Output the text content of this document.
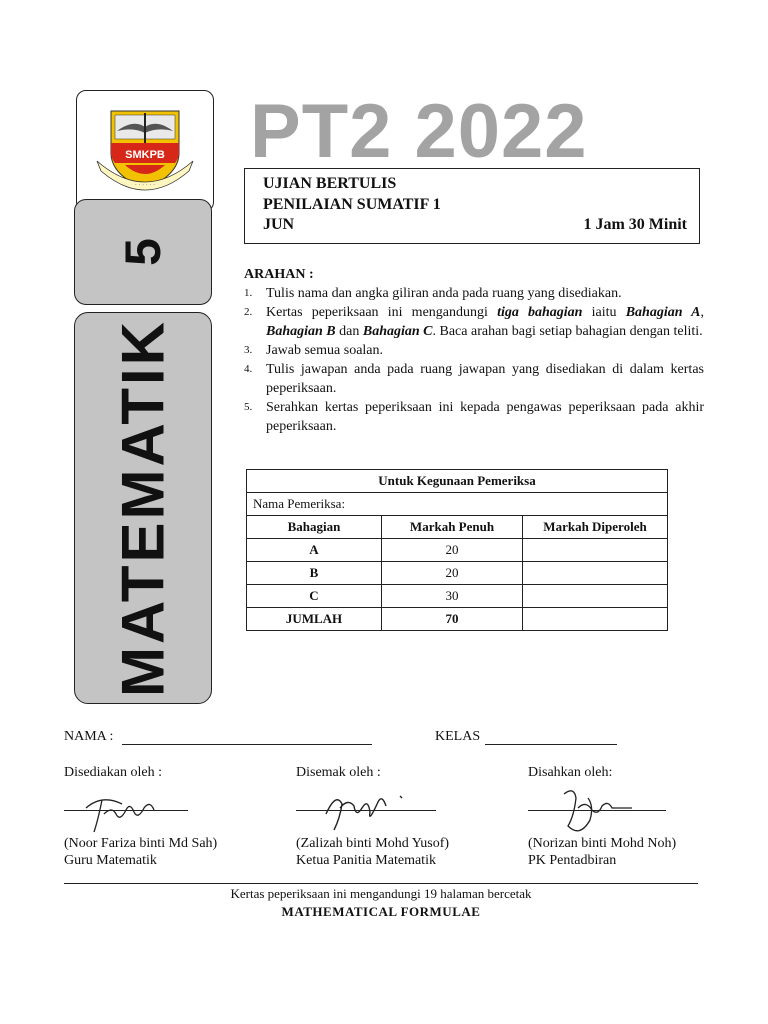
SMKPB
· · · · · ·
5
MATEMATIK
PT2 2022
UJIAN BERTULIS
PENILAIAN SUMATIF 1
JUN	1 Jam 30 Minit
ARAHAN :
1. Tulis nama dan angka giliran anda pada ruang yang disediakan.
2. Kertas peperiksaan ini mengandungi tiga bahagian iaitu Bahagian A, Bahagian B dan Bahagian C. Baca arahan bagi setiap bahagian dengan teliti.
3. Jawab semua soalan.
4. Tulis jawapan anda pada ruang jawapan yang disediakan di dalam kertas peperiksaan.
5. Serahkan kertas peperiksaan ini kepada pengawas peperiksaan pada akhir peperiksaan.
Untuk Kegunaan Pemeriksa		
Nama Pemeriksa:		
Bahagian	Markah Penuh	Markah Diperoleh
A	20	
B	20	
C	30	
JUMLAH	70	
NAMA :	KELAS
Disediakan oleh :
(Noor Fariza binti Md Sah)
Guru Matematik
Disemak oleh :
(Zalizah binti Mohd Yusof)
Ketua Panitia Matematik
Disahkan oleh:
(Norizan binti Mohd Noh)
PK Pentadbiran
Kertas peperiksaan ini mengandungi 19 halaman bercetak
MATHEMATICAL FORMULAE
